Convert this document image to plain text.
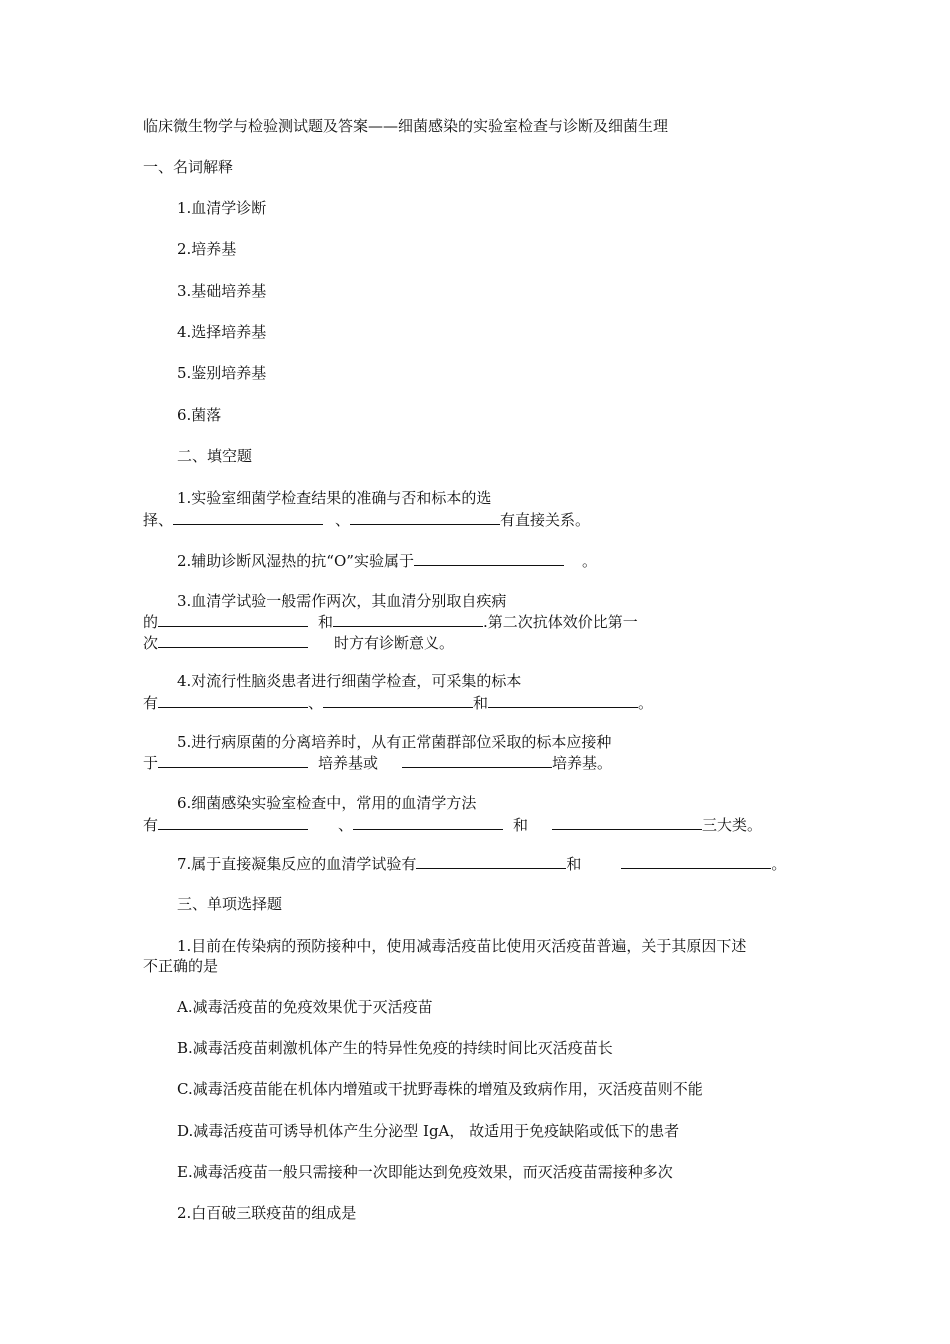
临床微生物学与检验测试题及答案——细菌感染的实验室检查与诊断及细菌生理
一、名词解释
1.血清学诊断
2.培养基
3.基础培养基
4.选择培养基
5.鉴别培养基
6.菌落
二、填空题
1.实验室细菌学检查结果的准确与否和标本的选
择、	、	有直接关系。
2.辅助诊断风湿热的抗“O”实验属于	。
3.血清学试验一般需作两次，其血清分别取自疾病
的	和	.第二次抗体效价比第一
次	时方有诊断意义。
4.对流行性脑炎患者进行细菌学检查，可采集的标本
有	、	和	。
5.进行病原菌的分离培养时，从有正常菌群部位采取的标本应接种
于	培养基或	培养基。
6.细菌感染实验室检查中，常用的血清学方法
有	、	和	三大类。
7.属于直接凝集反应的血清学试验有	和	。
三、单项选择题
1.目前在传染病的预防接种中，使用减毒活疫苗比使用灭活疫苗普遍，关于其原因下述
不正确的是
A.减毒活疫苗的免疫效果优于灭活疫苗
B.减毒活疫苗刺激机体产生的特异性免疫的持续时间比灭活疫苗长
C.减毒活疫苗能在机体内增殖或干扰野毒株的增殖及致病作用，灭活疫苗则不能
D.减毒活疫苗可诱导机体产生分泌型 IgA， 故适用于免疫缺陷或低下的患者
E.减毒活疫苗一般只需接种一次即能达到免疫效果，而灭活疫苗需接种多次
2.白百破三联疫苗的组成是
